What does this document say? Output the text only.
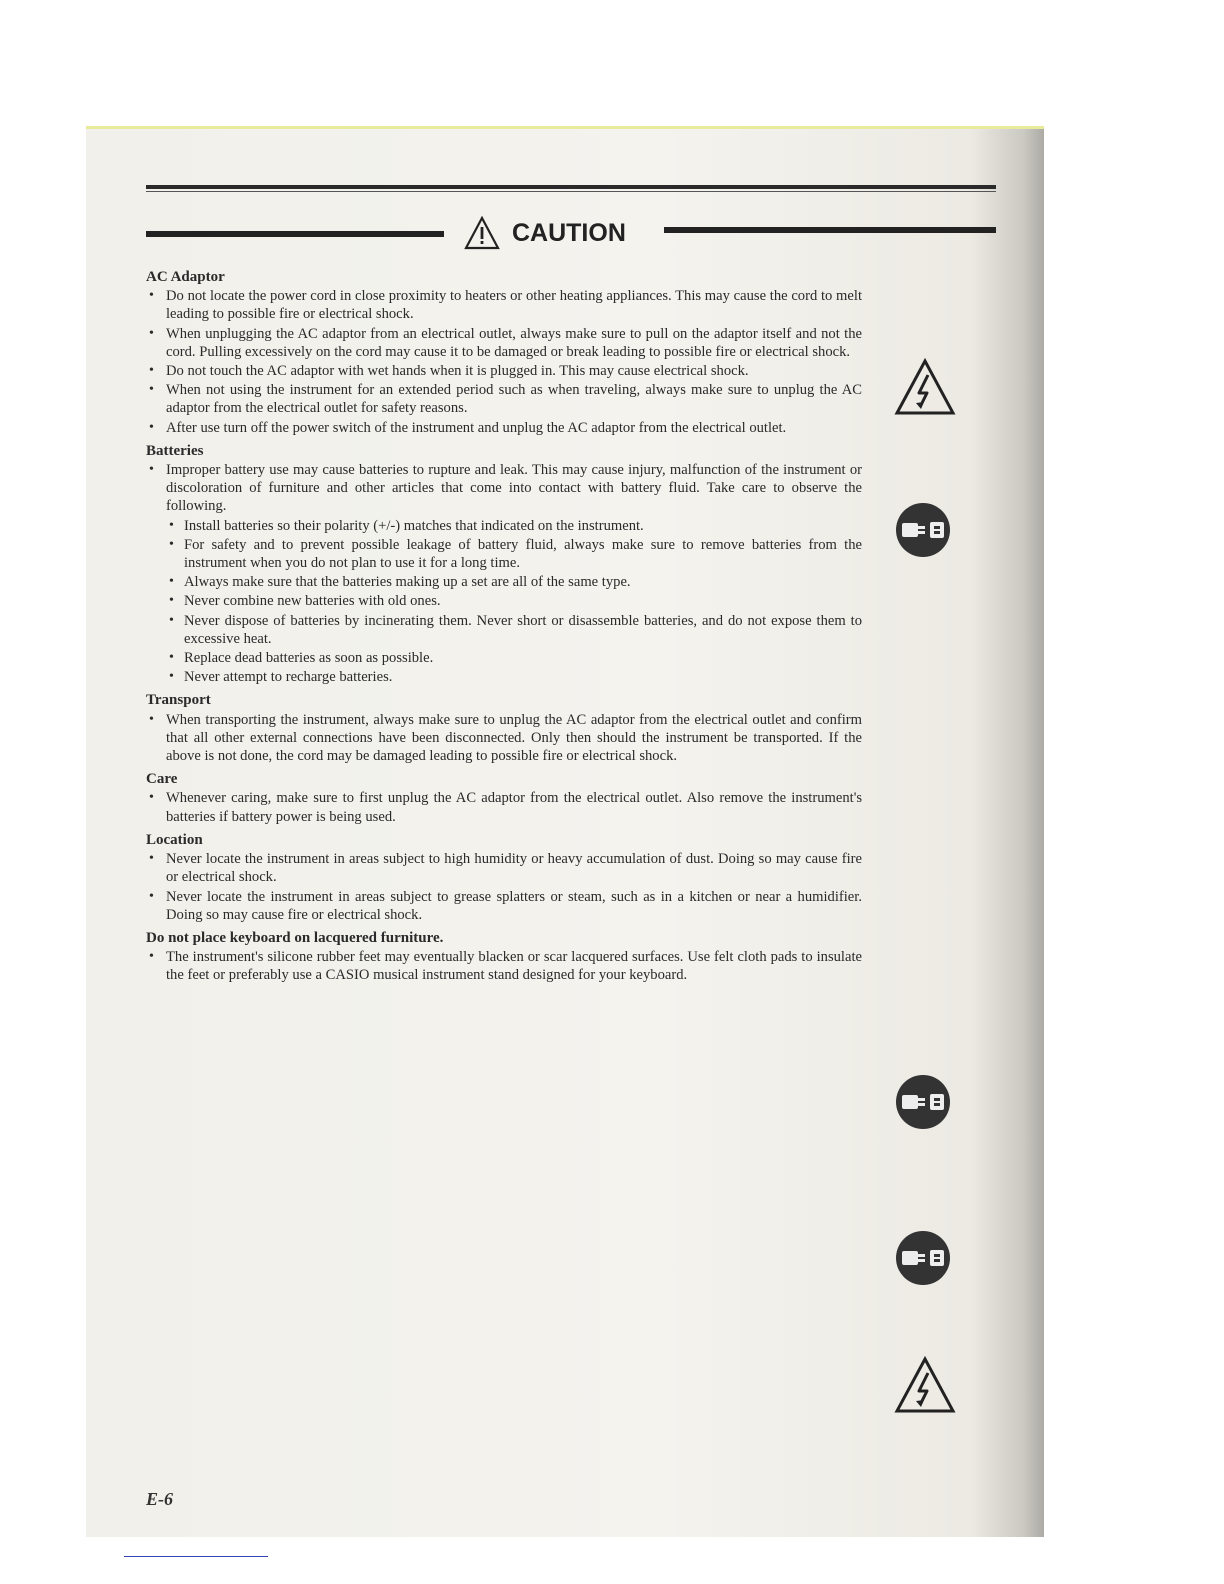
CAUTION
AC Adaptor
• Do not locate the power cord in close proximity to heaters or other heating appliances. This may cause the cord to melt leading to possible fire or electrical shock.
• When unplugging the AC adaptor from an electrical outlet, always make sure to pull on the adaptor itself and not the cord. Pulling excessively on the cord may cause it to be damaged or break leading to possible fire or electrical shock.
• Do not touch the AC adaptor with wet hands when it is plugged in. This may cause electrical shock.
• When not using the instrument for an extended period such as when traveling, always make sure to unplug the AC adaptor from the electrical outlet for safety reasons.
• After use turn off the power switch of the instrument and unplug the AC adaptor from the electrical outlet.
Batteries
• Improper battery use may cause batteries to rupture and leak. This may cause injury, malfunction of the instrument or discoloration of furniture and other articles that come into contact with battery fluid. Take care to observe the following.
• Install batteries so their polarity (+/-) matches that indicated on the instrument.
• For safety and to prevent possible leakage of battery fluid, always make sure to remove batteries from the instrument when you do not plan to use it for a long time.
• Always make sure that the batteries making up a set are all of the same type.
• Never combine new batteries with old ones.
• Never dispose of batteries by incinerating them. Never short or disassemble batteries, and do not expose them to excessive heat.
• Replace dead batteries as soon as possible.
• Never attempt to recharge batteries.
Transport
• When transporting the instrument, always make sure to unplug the AC adaptor from the electrical outlet and confirm that all other external connections have been disconnected. Only then should the instrument be transported. If the above is not done, the cord may be damaged leading to possible fire or electrical shock.
Care
• Whenever caring, make sure to first unplug the AC adaptor from the electrical outlet. Also remove the instrument's batteries if battery power is being used.
Location
• Never locate the instrument in areas subject to high humidity or heavy accumulation of dust. Doing so may cause fire or electrical shock.
• Never locate the instrument in areas subject to grease splatters or steam, such as in a kitchen or near a humidifier. Doing so may cause fire or electrical shock.
Do not place keyboard on lacquered furniture.
• The instrument's silicone rubber feet may eventually blacken or scar lacquered surfaces. Use felt cloth pads to insulate the feet or preferably use a CASIO musical instrument stand designed for your keyboard.
E-6
